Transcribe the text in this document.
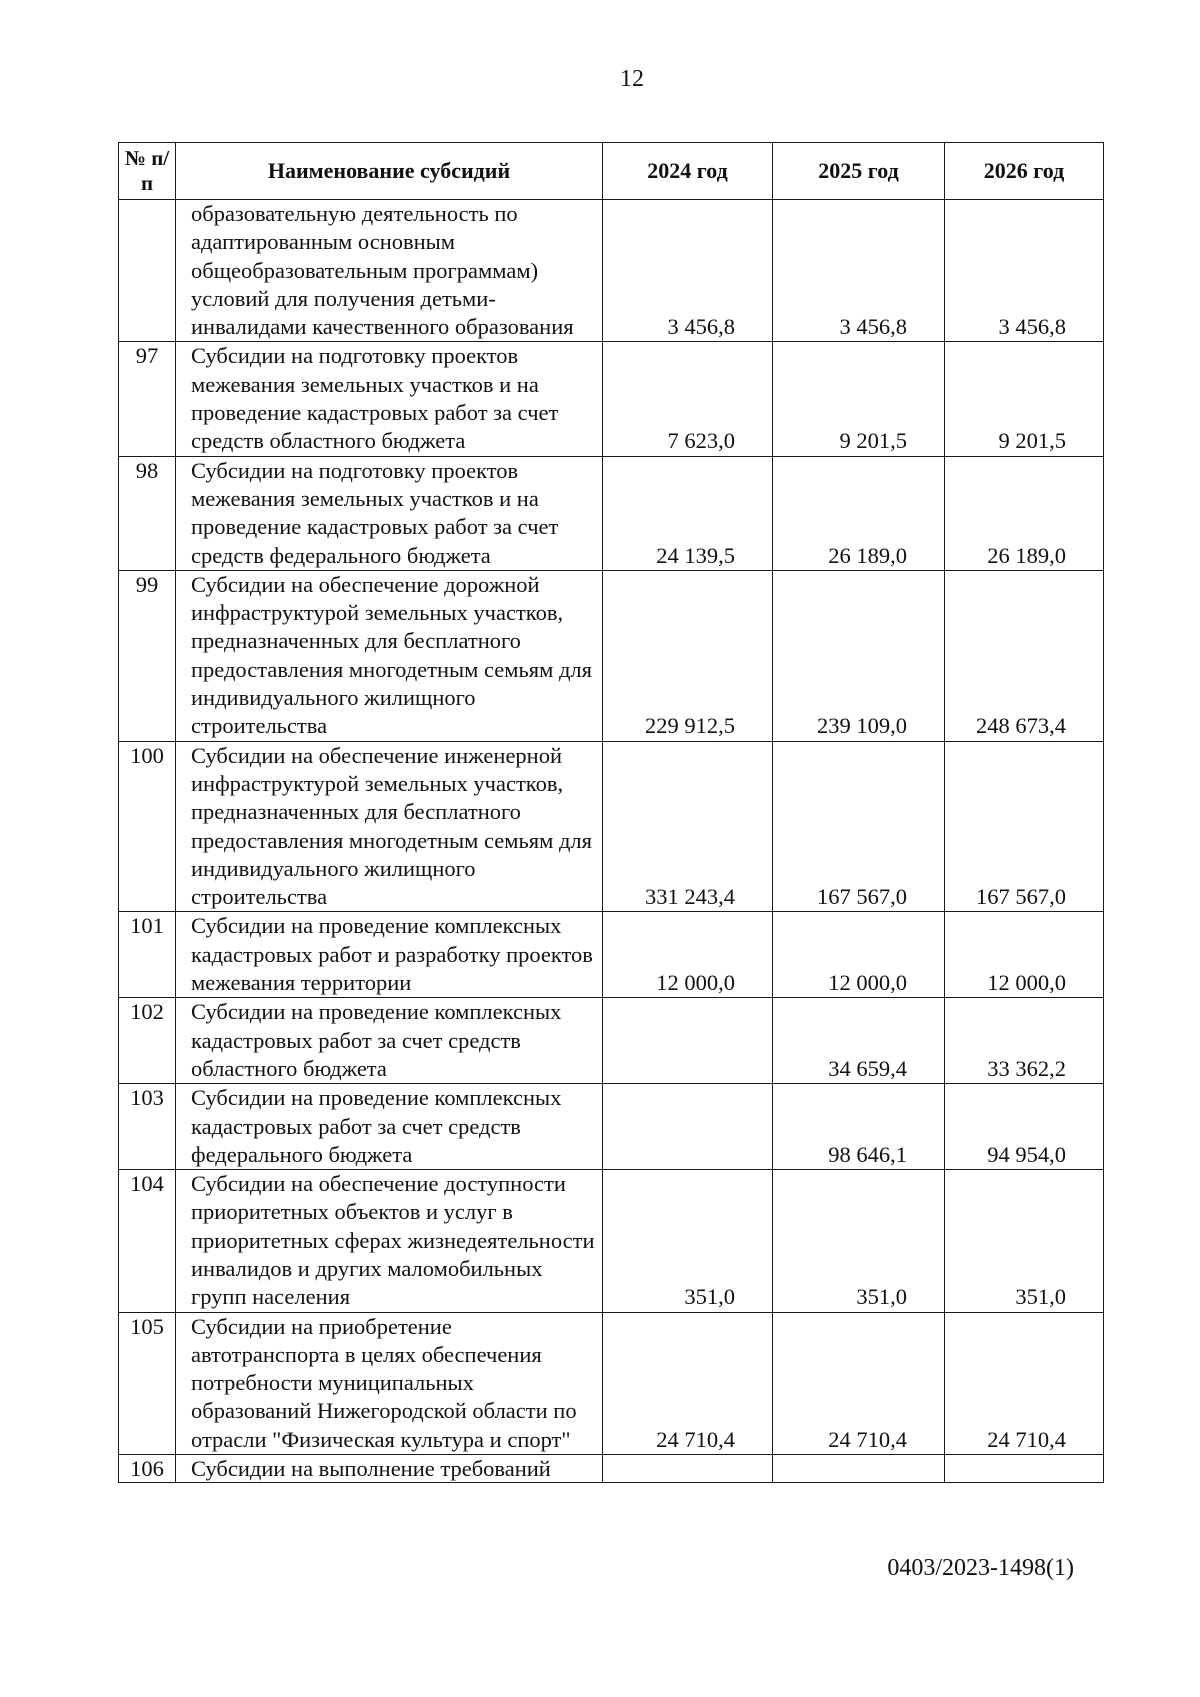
12
№ п/п	Наименование субсидий	2024 год	2025 год	2026 год
	образовательную деятельность по адаптированным основным общеобразовательным программам) условий для получения детьми-инвалидами качественного образования	3 456,8	3 456,8	3 456,8
97	Субсидии на подготовку проектов межевания земельных участков и на проведение кадастровых работ за счет средств областного бюджета	7 623,0	9 201,5	9 201,5
98	Субсидии на подготовку проектов межевания земельных участков и на проведение кадастровых работ за счет средств федерального бюджета	24 139,5	26 189,0	26 189,0
99	Субсидии на обеспечение дорожной инфраструктурой земельных участков, предназначенных для бесплатного предоставления многодетным семьям для индивидуального жилищного строительства	229 912,5	239 109,0	248 673,4
100	Субсидии на обеспечение инженерной инфраструктурой земельных участков, предназначенных для бесплатного предоставления многодетным семьям для индивидуального жилищного строительства	331 243,4	167 567,0	167 567,0
101	Субсидии на проведение комплексных кадастровых работ и разработку проектов межевания территории	12 000,0	12 000,0	12 000,0
102	Субсидии на проведение комплексных кадастровых работ за счет средств областного бюджета		34 659,4	33 362,2
103	Субсидии на проведение комплексных кадастровых работ за счет средств федерального бюджета		98 646,1	94 954,0
104	Субсидии на обеспечение доступности приоритетных объектов и услуг в приоритетных сферах жизнедеятельности инвалидов и других маломобильных групп населения	351,0	351,0	351,0
105	Субсидии на приобретение автотранспорта в целях обеспечения потребности муниципальных образований Нижегородской области по отрасли "Физическая культура и спорт"	24 710,4	24 710,4	24 710,4
106	Субсидии на выполнение требований			
0403/2023-1498(1)
